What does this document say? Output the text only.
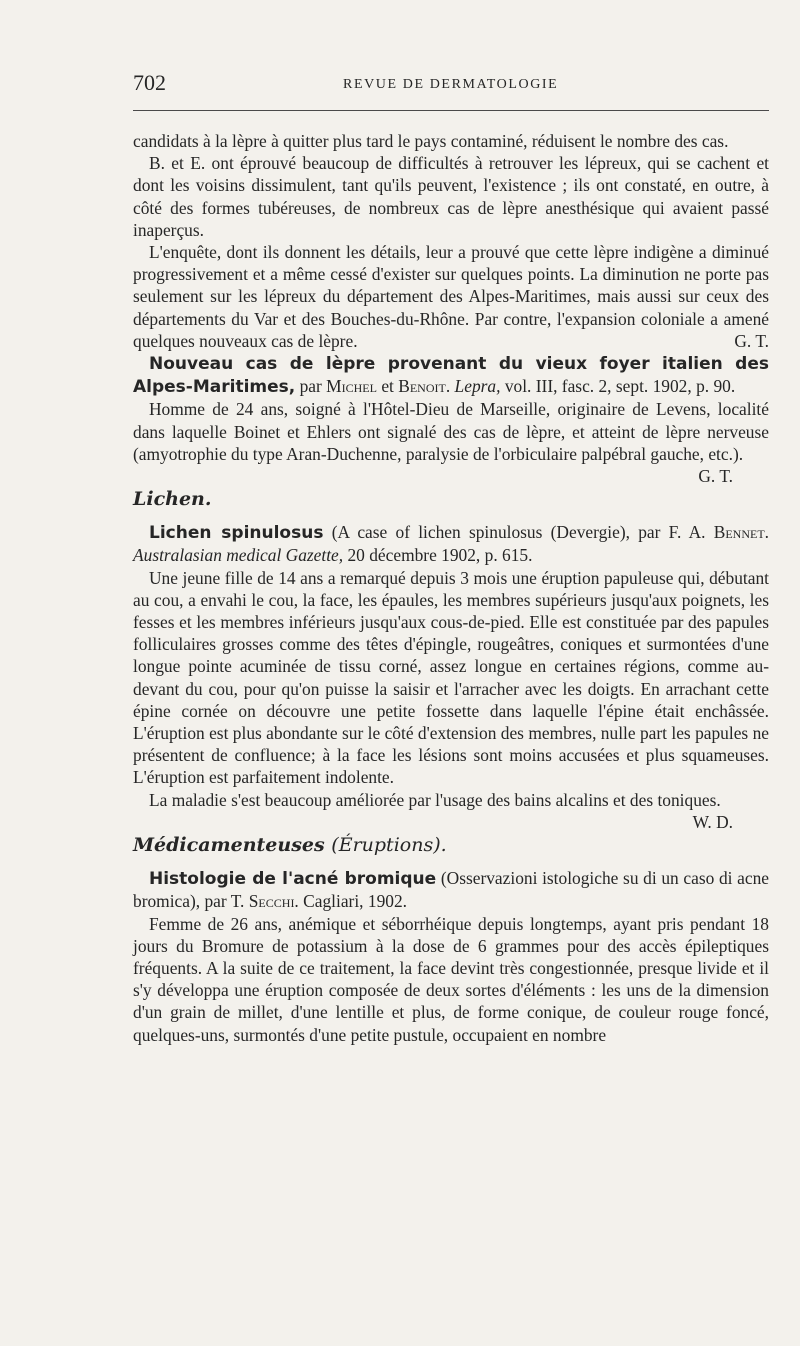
702	REVUE DE DERMATOLOGIE

candidats à la lèpre à quitter plus tard le pays contaminé, réduisent le nombre des cas.

B. et E. ont éprouvé beaucoup de difficultés à retrouver les lépreux, qui se cachent et dont les voisins dissimulent, tant qu'ils peuvent, l'existence ; ils ont constaté, en outre, à côté des formes tubéreuses, de nombreux cas de lèpre anesthésique qui avaient passé inaperçus.

L'enquête, dont ils donnent les détails, leur a prouvé que cette lèpre indigène a diminué progressivement et a même cessé d'exister sur quelques points. La diminution ne porte pas seulement sur les lépreux du département des Alpes-Maritimes, mais aussi sur ceux des départements du Var et des Bouches-du-Rhône. Par contre, l'expansion coloniale a amené quelques nouveaux cas de lèpre.	G. T.

Nouveau cas de lèpre provenant du vieux foyer italien des Alpes-Maritimes, par Michel et Benoit. Lepra, vol. III, fasc. 2, sept. 1902, p. 90.

Homme de 24 ans, soigné à l'Hôtel-Dieu de Marseille, originaire de Levens, localité dans laquelle Boinet et Ehlers ont signalé des cas de lèpre, et atteint de lèpre nerveuse (amyotrophie du type Aran-Duchenne, paralysie de l'orbiculaire palpébral gauche, etc.).
G. T.

Lichen.

Lichen spinulosus (A case of lichen spinulosus (Devergie), par F. A. Bennet. Australasian medical Gazette, 20 décembre 1902, p. 615.

Une jeune fille de 14 ans a remarqué depuis 3 mois une éruption papuleuse qui, débutant au cou, a envahi le cou, la face, les épaules, les membres supérieurs jusqu'aux poignets, les fesses et les membres inférieurs jusqu'aux cous-de-pied. Elle est constituée par des papules folliculaires grosses comme des têtes d'épingle, rougeâtres, coniques et surmontées d'une longue pointe acuminée de tissu corné, assez longue en certaines régions, comme au-devant du cou, pour qu'on puisse la saisir et l'arracher avec les doigts. En arrachant cette épine cornée on découvre une petite fossette dans laquelle l'épine était enchâssée. L'éruption est plus abondante sur le côté d'extension des membres, nulle part les papules ne présentent de confluence; à la face les lésions sont moins accusées et plus squameuses. L'éruption est parfaitement indolente.

La maladie s'est beaucoup améliorée par l'usage des bains alcalins et des toniques.
W. D.

Médicamenteuses (Éruptions).

Histologie de l'acné bromique (Osservazioni istologiche su di un caso di acne bromica), par T. Secchi. Cagliari, 1902.

Femme de 26 ans, anémique et séborrhéique depuis longtemps, ayant pris pendant 18 jours du Bromure de potassium à la dose de 6 grammes pour des accès épileptiques fréquents. A la suite de ce traitement, la face devint très congestionnée, presque livide et il s'y développa une éruption composée de deux sortes d'éléments : les uns de la dimension d'un grain de millet, d'une lentille et plus, de forme conique, de couleur rouge foncé, quelques-uns, surmontés d'une petite pustule, occupaient en nombre
